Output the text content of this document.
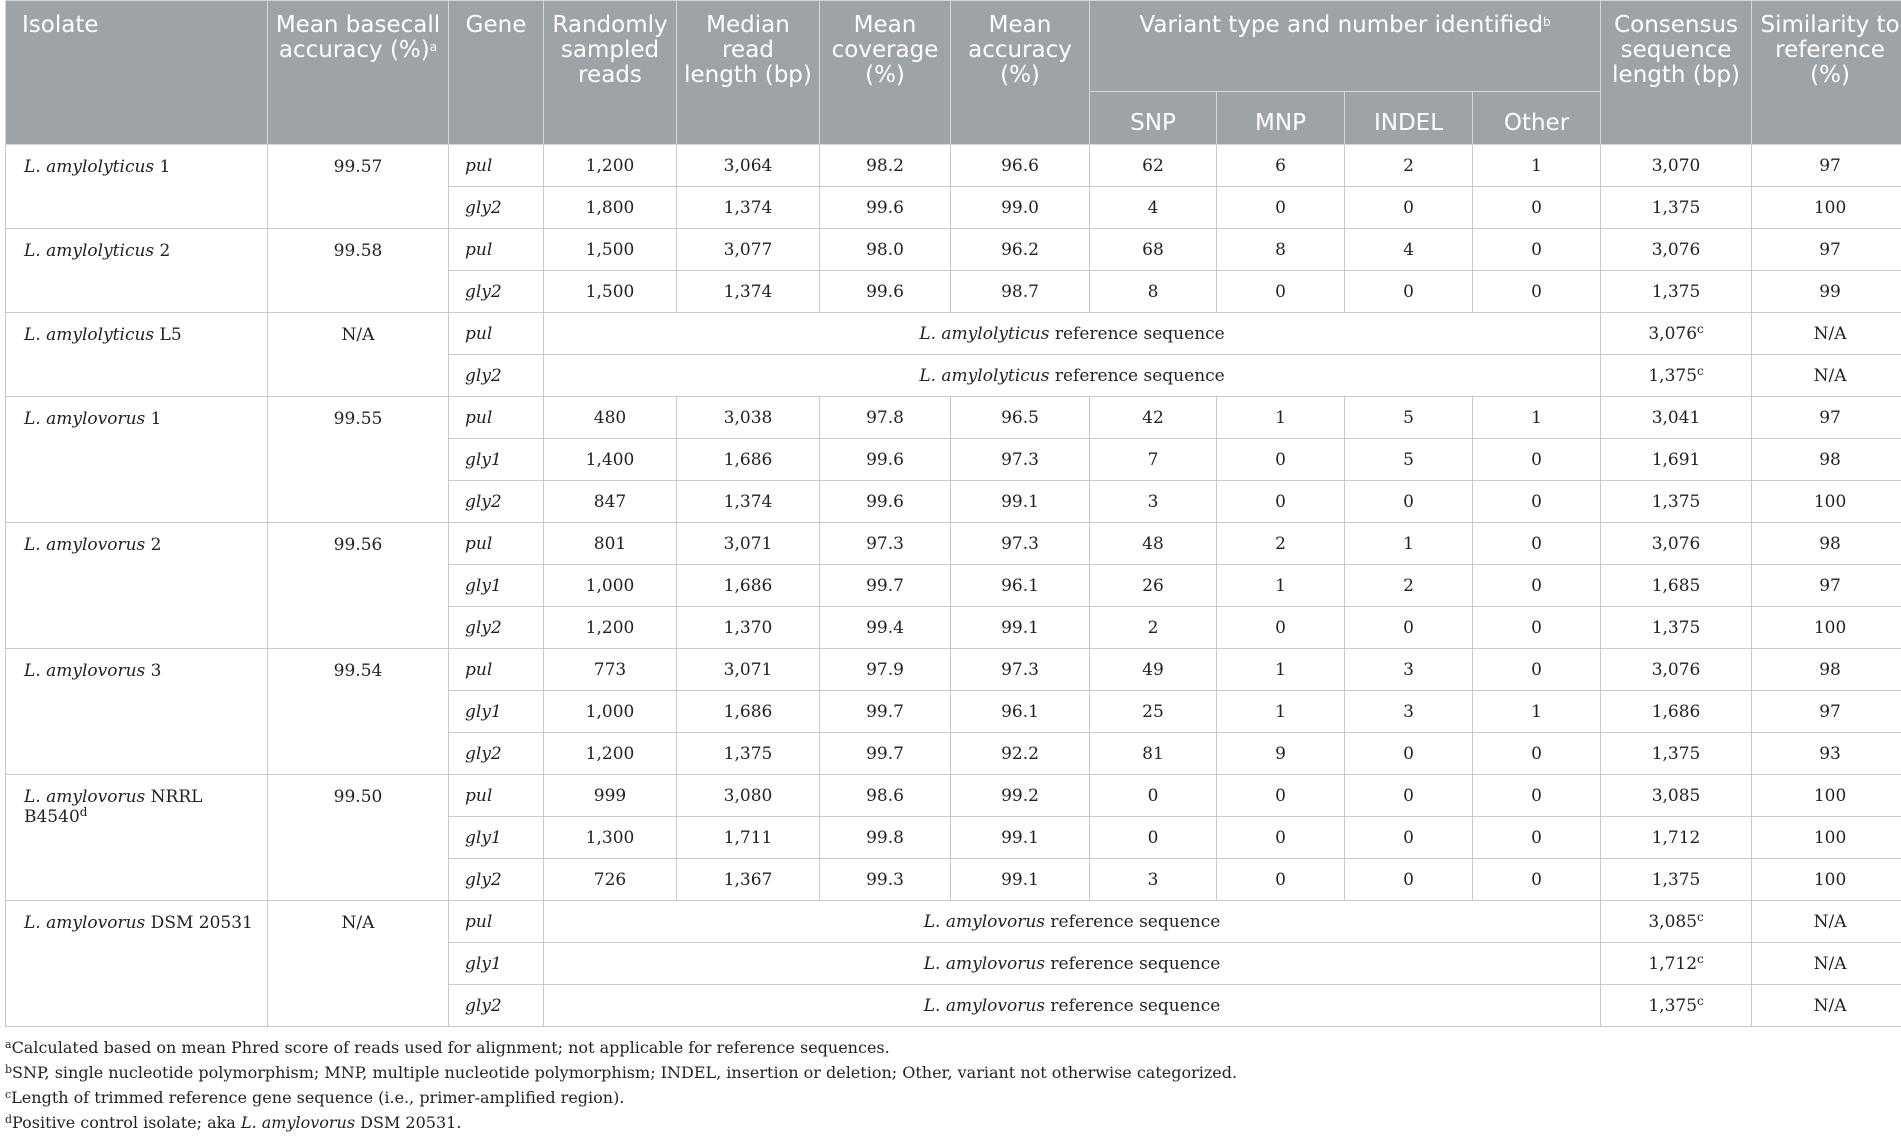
Isolate	Mean basecall accuracy (%)$^a$	Gene	Randomly sampled reads	Median read length (bp)	Mean coverage (%)	Mean accuracy (%)	Variant type and number identified$^b$				Consensus sequence length (bp)	Similarity to reference (%)
							SNP	MNP	INDEL	Other		
L. amylolyticus 1	99.57	pul	1,200	3,064	98.2	96.6	62	6	2	1	3,070	97
		gly2	1,800	1,374	99.6	99.0	4	0	0	0	1,375	100
L. amylolyticus 2	99.58	pul	1,500	3,077	98.0	96.2	68	8	4	0	3,076	97
		gly2	1,500	1,374	99.6	98.7	8	0	0	0	1,375	99
L. amylolyticus L5	N/A	pul	L. amylolyticus reference sequence								3,076$^c$	N/A
		gly2	L. amylolyticus reference sequence								1,375$^c$	N/A
L. amylovorus 1	99.55	pul	480	3,038	97.8	96.5	42	1	5	1	3,041	97
		gly1	1,400	1,686	99.6	97.3	7	0	5	0	1,691	98
		gly2	847	1,374	99.6	99.1	3	0	0	0	1,375	100
L. amylovorus 2	99.56	pul	801	3,071	97.3	97.3	48	2	1	0	3,076	98
		gly1	1,000	1,686	99.7	96.1	26	1	2	0	1,685	97
		gly2	1,200	1,370	99.4	99.1	2	0	0	0	1,375	100
L. amylovorus 3	99.54	pul	773	3,071	97.9	97.3	49	1	3	0	3,076	98
		gly1	1,000	1,686	99.7	96.1	25	1	3	1	1,686	97
		gly2	1,200	1,375	99.7	92.2	81	9	0	0	1,375	93
L. amylovorus NRRL B4540$^d$	99.50	pul	999	3,080	98.6	99.2	0	0	0	0	3,085	100
		gly1	1,300	1,711	99.8	99.1	0	0	0	0	1,712	100
		gly2	726	1,367	99.3	99.1	3	0	0	0	1,375	100
L. amylovorus DSM 20531	N/A	pul	L. amylovorus reference sequence								3,085$^c$	N/A
		gly1	L. amylovorus reference sequence								1,712$^c$	N/A
		gly2	L. amylovorus reference sequence								1,375$^c$	N/A

$^a$Calculated based on mean Phred score of reads used for alignment; not applicable for reference sequences.

$^b$SNP, single nucleotide polymorphism; MNP, multiple nucleotide polymorphism; INDEL, insertion or deletion; Other, variant not otherwise categorized.

$^c$Length of trimmed reference gene sequence (i.e., primer-amplified region).

$^d$Positive control isolate; aka L. amylovorus DSM 20531.
